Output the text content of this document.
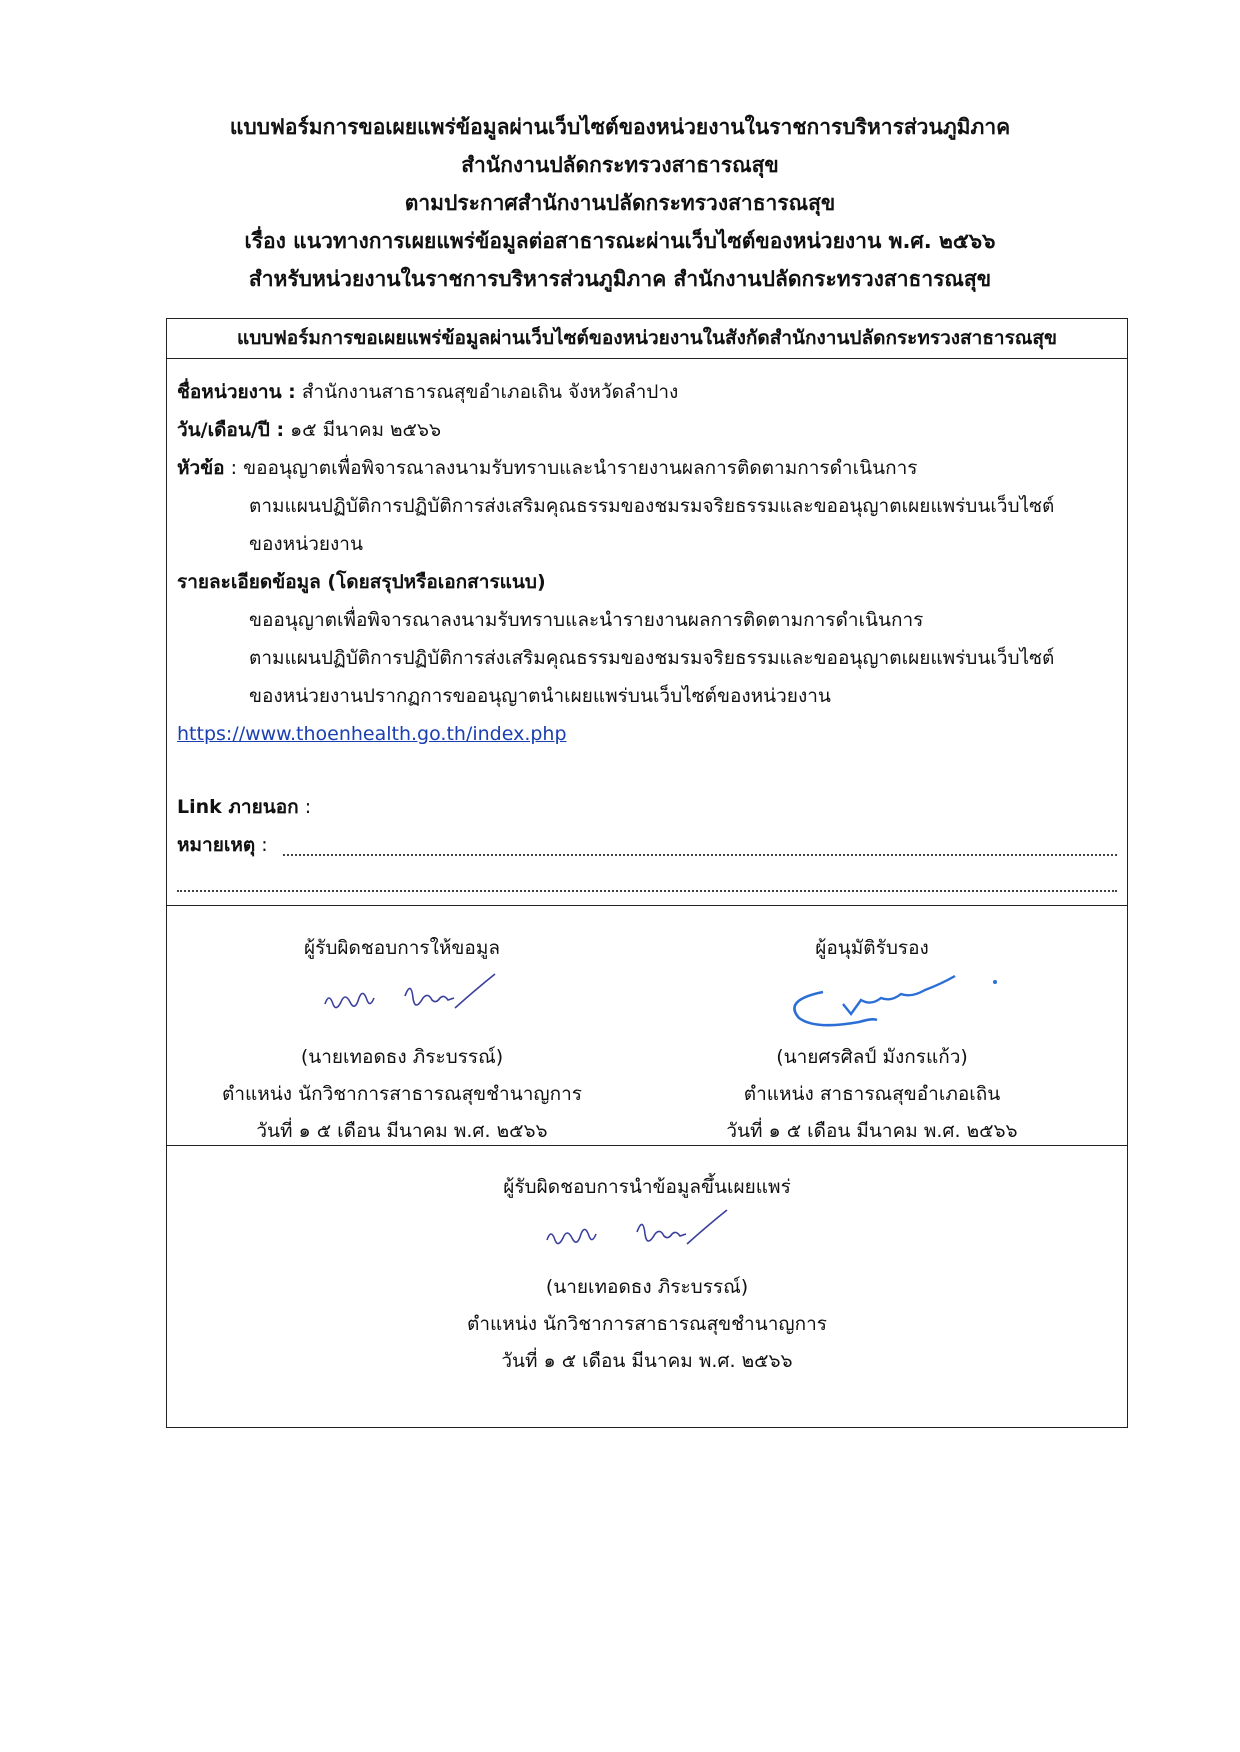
แบบฟอร์มการขอเผยแพร่ข้อมูลผ่านเว็บไซต์ของหน่วยงานในราชการบริหารส่วนภูมิภาค
สำนักงานปลัดกระทรวงสาธารณสุข
ตามประกาศสำนักงานปลัดกระทรวงสาธารณสุข
เรื่อง แนวทางการเผยแพร่ข้อมูลต่อสาธารณะผ่านเว็บไซต์ของหน่วยงาน พ.ศ. ๒๕๖๖
สำหรับหน่วยงานในราชการบริหารส่วนภูมิภาค สำนักงานปลัดกระทรวงสาธารณสุข
แบบฟอร์มการขอเผยแพร่ข้อมูลผ่านเว็บไซต์ของหน่วยงานในสังกัดสำนักงานปลัดกระทรวงสาธารณสุข
ชื่อหน่วยงาน : สำนักงานสาธารณสุขอำเภอเถิน จังหวัดลำปาง
วัน/เดือน/ปี : ๑๕ มีนาคม ๒๕๖๖
หัวข้อ : ขออนุญาตเพื่อพิจารณาลงนามรับทราบและนำรายงานผลการติดตามการดำเนินการ
ตามแผนปฏิบัติการปฏิบัติการส่งเสริมคุณธรรมของชมรมจริยธรรมและขออนุญาตเผยแพร่บนเว็บไซต์
ของหน่วยงาน
รายละเอียดข้อมูล (โดยสรุปหรือเอกสารแนบ)
ขออนุญาตเพื่อพิจารณาลงนามรับทราบและนำรายงานผลการติดตามการดำเนินการ
ตามแผนปฏิบัติการปฏิบัติการส่งเสริมคุณธรรมของชมรมจริยธรรมและขออนุญาตเผยแพร่บนเว็บไซต์
ของหน่วยงานปรากฏการขออนุญาตนำเผยแพร่บนเว็บไซต์ของหน่วยงาน
https://www.thoenhealth.go.th/index.php
Link ภายนอก :
หมายเหตุ :
ผู้รับผิดชอบการให้ขอมูล
(นายเทอดธง ภิระบรรณ์)
ตำแหน่ง นักวิชาการสาธารณสุขชำนาญการ
วันที่ ๑ ๕ เดือน มีนาคม พ.ศ. ๒๕๖๖
ผู้อนุมัติรับรอง
(นายศรศิลป์ มังกรแก้ว)
ตำแหน่ง สาธารณสุขอำเภอเถิน
วันที่ ๑ ๕ เดือน มีนาคม พ.ศ. ๒๕๖๖
ผู้รับผิดชอบการนำข้อมูลขึ้นเผยแพร่
(นายเทอดธง ภิระบรรณ์)
ตำแหน่ง นักวิชาการสาธารณสุขชำนาญการ
วันที่ ๑ ๕ เดือน มีนาคม พ.ศ. ๒๕๖๖
